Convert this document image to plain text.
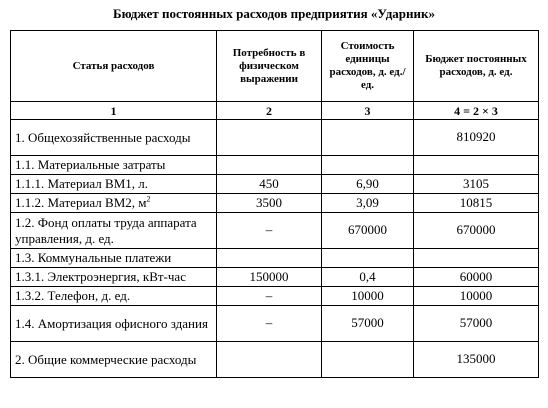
Бюджет постоянных расходов предприятия «Ударник»
Статья расходов	Потребность в физическом выражении	Стоимость единицы расходов, д. ед./ед.	Бюджет постоянных расходов, д. ед.
1	2	3	4 = 2 × 3
1. Общехозяйственные расходы			810920
1.1. Материальные затраты			
1.1.1. Материал ВМ1, л.	450	6,90	3105
1.1.2. Материал ВМ2, $м^2$	3500	3,09	10815
1.2. Фонд оплаты труда аппарата управления, д. ед.	–	670000	670000
1.3. Коммунальные платежи			
1.3.1. Электроэнергия, кВт-час	150000	0,4	60000
1.3.2. Телефон, д. ед.	–	10000	10000
1.4. Амортизация офисного здания	–	57000	57000
2. Общие коммерческие расходы			135000
